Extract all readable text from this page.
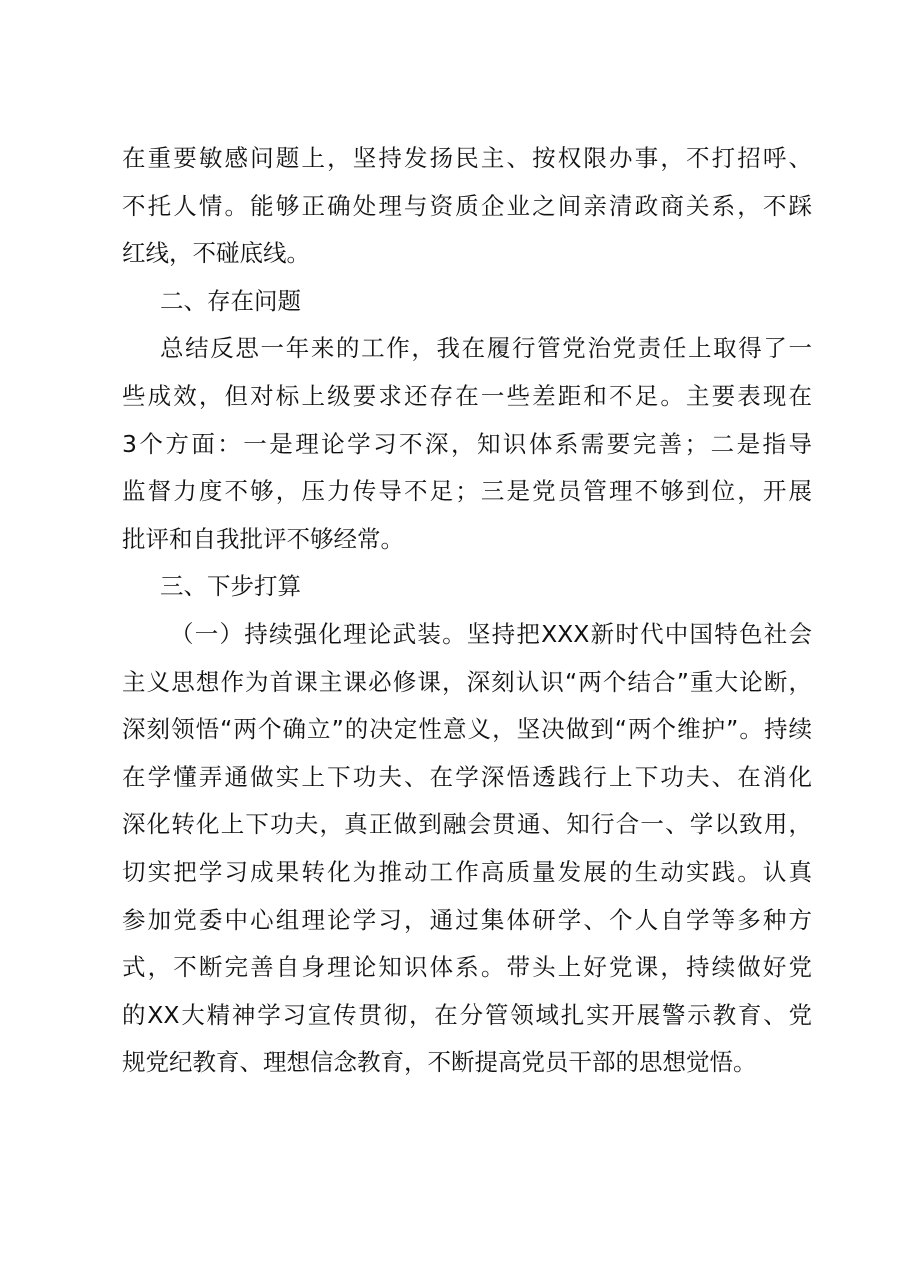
在重要敏感问题上，坚持发扬民主、按权限办事，不打招呼、
不托人情。能够正确处理与资质企业之间亲清政商关系，不踩
红线，不碰底线。
二、存在问题
总结反思一年来的工作，我在履行管党治党责任上取得了一
些成效，但对标上级要求还存在一些差距和不足。主要表现在
3个方面：一是理论学习不深，知识体系需要完善；二是指导
监督力度不够，压力传导不足；三是党员管理不够到位，开展
批评和自我批评不够经常。
三、下步打算
（一）持续强化理论武装。坚持把XXX新时代中国特色社会
主义思想作为首课主课必修课，深刻认识“两个结合”重大论断，
深刻领悟“两个确立”的决定性意义，坚决做到“两个维护”。持续
在学懂弄通做实上下功夫、在学深悟透践行上下功夫、在消化
深化转化上下功夫，真正做到融会贯通、知行合一、学以致用，
切实把学习成果转化为推动工作高质量发展的生动实践。认真
参加党委中心组理论学习，通过集体研学、个人自学等多种方
式，不断完善自身理论知识体系。带头上好党课，持续做好党
的XX大精神学习宣传贯彻，在分管领域扎实开展警示教育、党
规党纪教育、理想信念教育，不断提高党员干部的思想觉悟。
